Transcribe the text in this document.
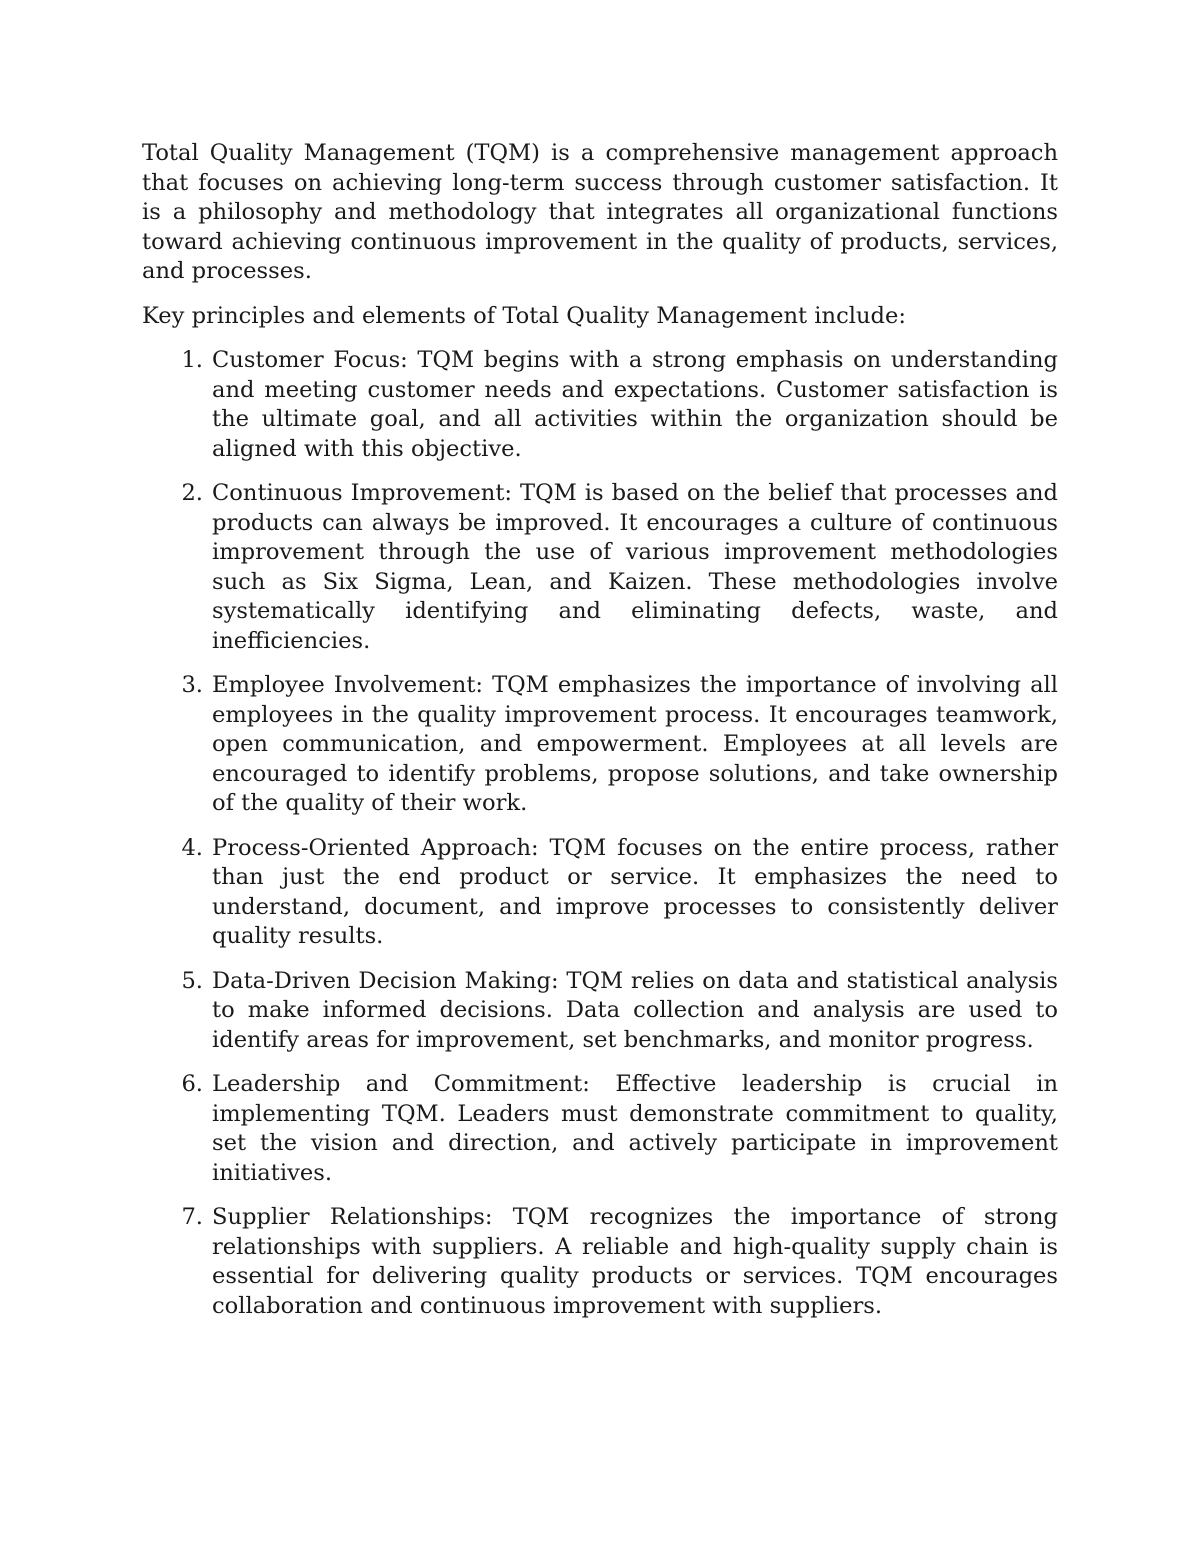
Total Quality Management (TQM) is a comprehensive management approach that focuses on achieving long-term success through customer satisfaction. It is a philosophy and methodology that integrates all organizational functions toward achieving continuous improvement in the quality of products, services, and processes.

Key principles and elements of Total Quality Management include:

1. Customer Focus: TQM begins with a strong emphasis on understanding and meeting customer needs and expectations. Customer satisfaction is the ultimate goal, and all activities within the organization should be aligned with this objective.
2. Continuous Improvement: TQM is based on the belief that processes and products can always be improved. It encourages a culture of continuous improvement through the use of various improvement methodologies such as Six Sigma, Lean, and Kaizen. These methodologies involve systematically identifying and eliminating defects, waste, and inefficiencies.
3. Employee Involvement: TQM emphasizes the importance of involving all employees in the quality improvement process. It encourages teamwork, open communication, and empowerment. Employees at all levels are encouraged to identify problems, propose solutions, and take ownership of the quality of their work.
4. Process-Oriented Approach: TQM focuses on the entire process, rather than just the end product or service. It emphasizes the need to understand, document, and improve processes to consistently deliver quality results.
5. Data-Driven Decision Making: TQM relies on data and statistical analysis to make informed decisions. Data collection and analysis are used to identify areas for improvement, set benchmarks, and monitor progress.
6. Leadership and Commitment: Effective leadership is crucial in implementing TQM. Leaders must demonstrate commitment to quality, set the vision and direction, and actively participate in improvement initiatives.
7. Supplier Relationships: TQM recognizes the importance of strong relationships with suppliers. A reliable and high-quality supply chain is essential for delivering quality products or services. TQM encourages collaboration and continuous improvement with suppliers.
